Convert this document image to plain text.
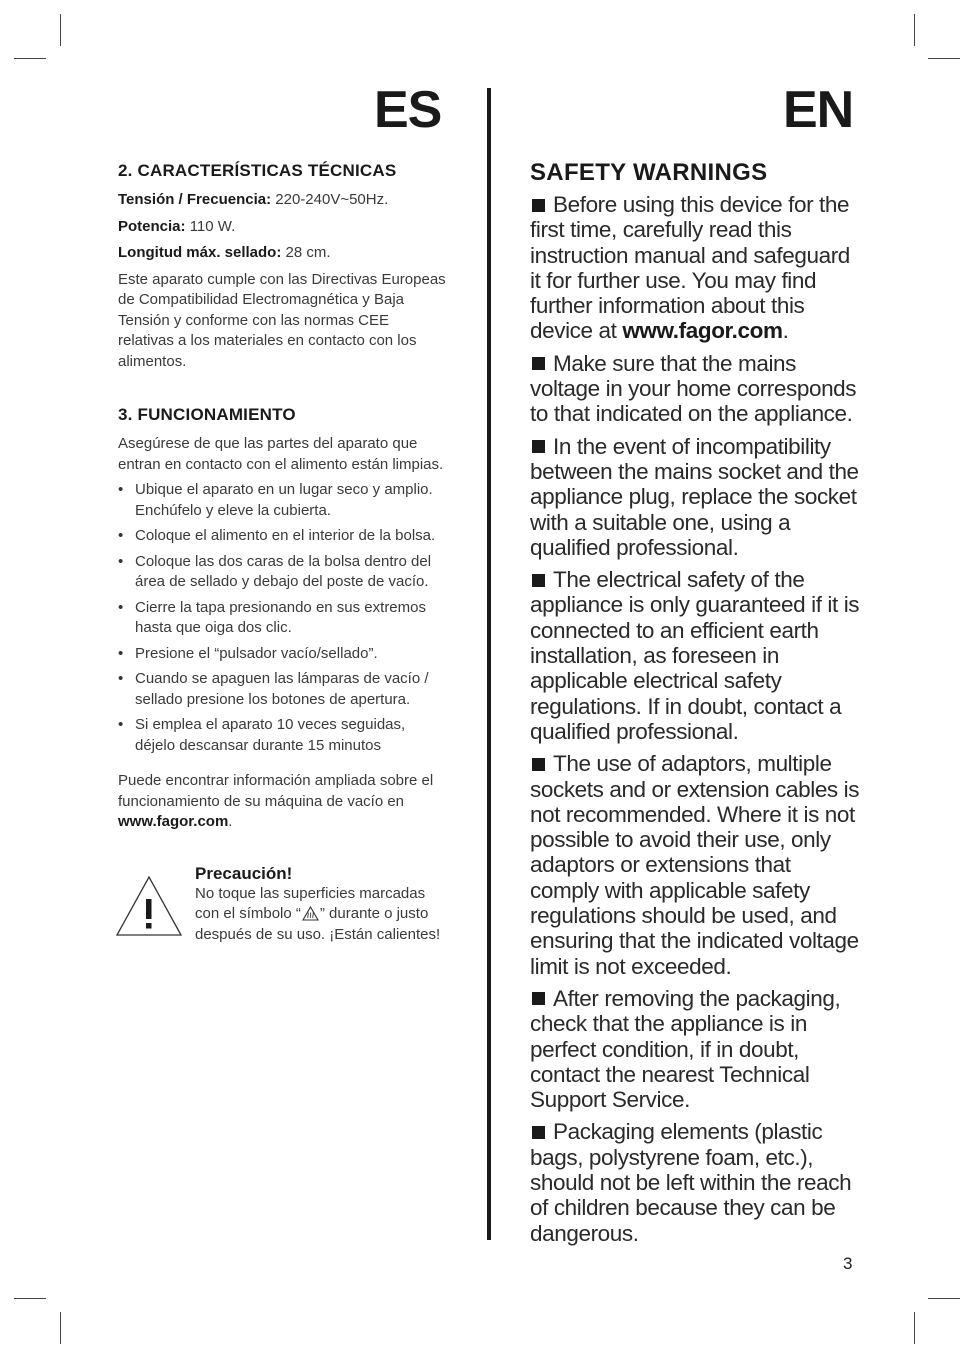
ES	EN
2. CARACTERÍSTICAS TÉCNICAS

Tensión / Frecuencia: 220-240V~50Hz.

Potencia: 110 W.

Longitud máx. sellado: 28 cm.

Este aparato cumple con las Directivas Europeas de Compatibilidad Electromagnética y Baja Tensión y conforme con las normas CEE relativas a los materiales en contacto con los alimentos.

3. FUNCIONAMIENTO

Asegúrese de que las partes del aparato que entran en contacto con el alimento están limpias.

• Ubique el aparato en un lugar seco y amplio. Enchúfelo y eleve la cubierta.
• Coloque el alimento en el interior de la bolsa.
• Coloque las dos caras de la bolsa dentro del área de sellado y debajo del poste de vacío.
• Cierre la tapa presionando en sus extremos hasta que oiga dos clic.
• Presione el “pulsador vacío/sellado”.
• Cuando se apaguen las lámparas de vacío / sellado presione los botones de apertura.
• Si emplea el aparato 10 veces seguidas, déjelo descansar durante 15 minutos

Puede encontrar información ampliada sobre el funcionamiento de su máquina de vacío en www.fagor.com.

Precaución!

No toque las superficies marcadas con el símbolo “ ” durante o justo después de su uso. ¡Están calientes!

SAFETY WARNINGS

Before using this device for the first time, carefully read this instruction manual and safeguard it for further use. You may find further information about this device at www.fagor.com.

Make sure that the mains voltage in your home corresponds to that indicated on the appliance.

In the event of incompatibility between the mains socket and the appliance plug, replace the socket with a suitable one, using a qualified professional.

The electrical safety of the appliance is only guaranteed if it is connected to an efficient earth installation, as foreseen in applicable electrical safety regulations. If in doubt, contact a qualified professional.

The use of adaptors, multiple sockets and or extension cables is not recommended. Where it is not possible to avoid their use, only adaptors or extensions that comply with applicable safety regulations should be used, and ensuring that the indicated voltage limit is not exceeded.

After removing the packaging, check that the appliance is in perfect condition, if in doubt, contact the nearest Technical Support Service.

Packaging elements (plastic bags, polystyrene foam, etc.), should not be left within the reach of children because they can be dangerous.

3
